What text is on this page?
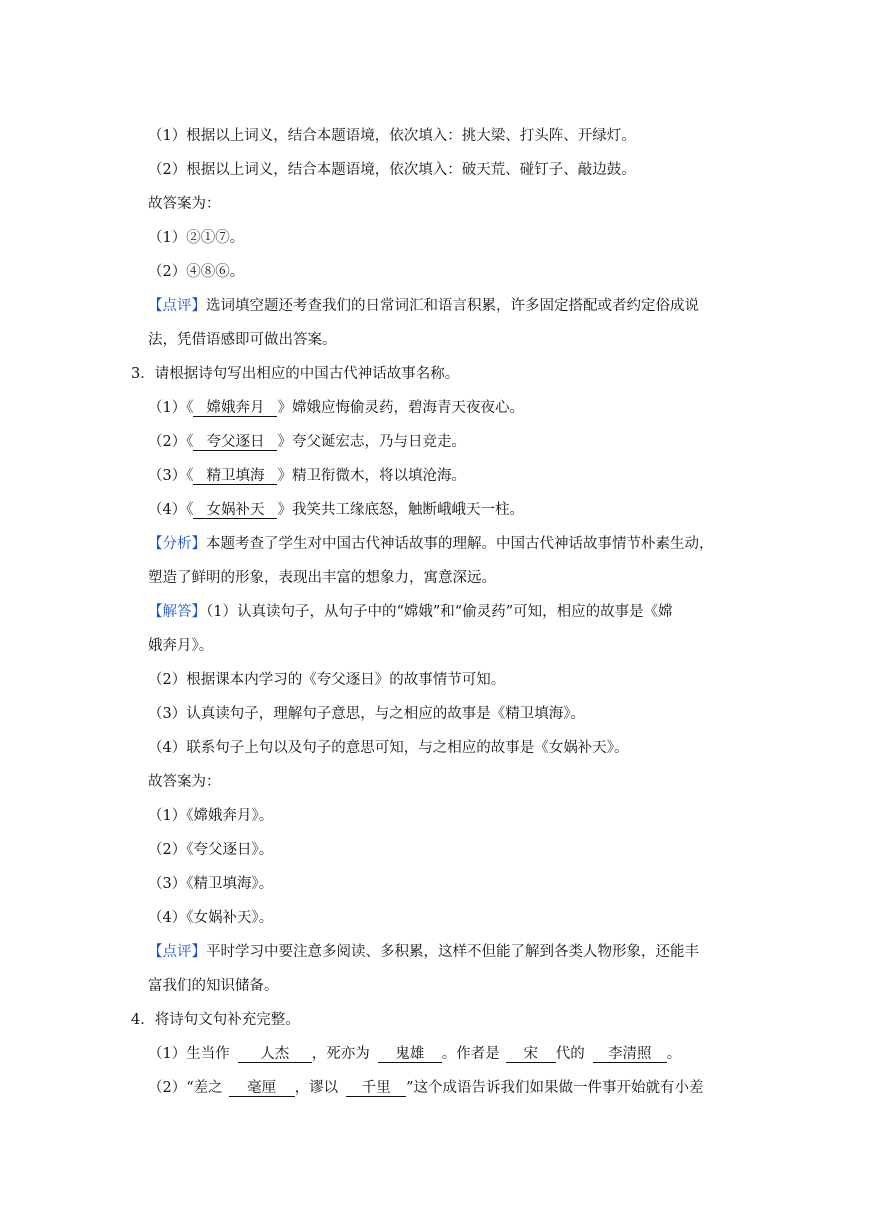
（1）根据以上词义，结合本题语境，依次填入：挑大梁、打头阵、开绿灯。
（2）根据以上词义，结合本题语境，依次填入：破天荒、碰钉子、敲边鼓。
故答案为：
（1）②①⑦。
（2）④⑧⑥。
【点评】选词填空题还考查我们的日常词汇和语言积累，许多固定搭配或者约定俗成说
法，凭借语感即可做出答案。
3．请根据诗句写出相应的中国古代神话故事名称。
（1）《 嫦娥奔月 》嫦娥应悔偷灵药，碧海青天夜夜心。
（2）《 夸父逐日 》夸父诞宏志，乃与日竞走。
（3）《 精卫填海 》精卫衔微木，将以填沧海。
（4）《 女娲补天 》我笑共工缘底怒，触断峨峨天一柱。
【分析】本题考查了学生对中国古代神话故事的理解。中国古代神话故事情节朴素生动，
塑造了鲜明的形象，表现出丰富的想象力，寓意深远。
【解答】（1）认真读句子，从句子中的“嫦娥”和“偷灵药”可知，相应的故事是《嫦
娥奔月》。
（2）根据课本内学习的《夸父逐日》的故事情节可知。
（3）认真读句子，理解句子意思，与之相应的故事是《精卫填海》。
（4）联系句子上句以及句子的意思可知，与之相应的故事是《女娲补天》。
故答案为：
（1）《嫦娥奔月》。
（2）《夸父逐日》。
（3）《精卫填海》。
（4）《女娲补天》。
【点评】平时学习中要注意多阅读、多积累，这样不但能了解到各类人物形象，还能丰
富我们的知识储备。
4．将诗句文句补充完整。
（1）生当作 人杰 ，死亦为 鬼雄 。作者是 宋 代的 李清照 。
（2）“差之 毫厘 ，谬以 千里 ”这个成语告诉我们如果做一件事开始就有小差
